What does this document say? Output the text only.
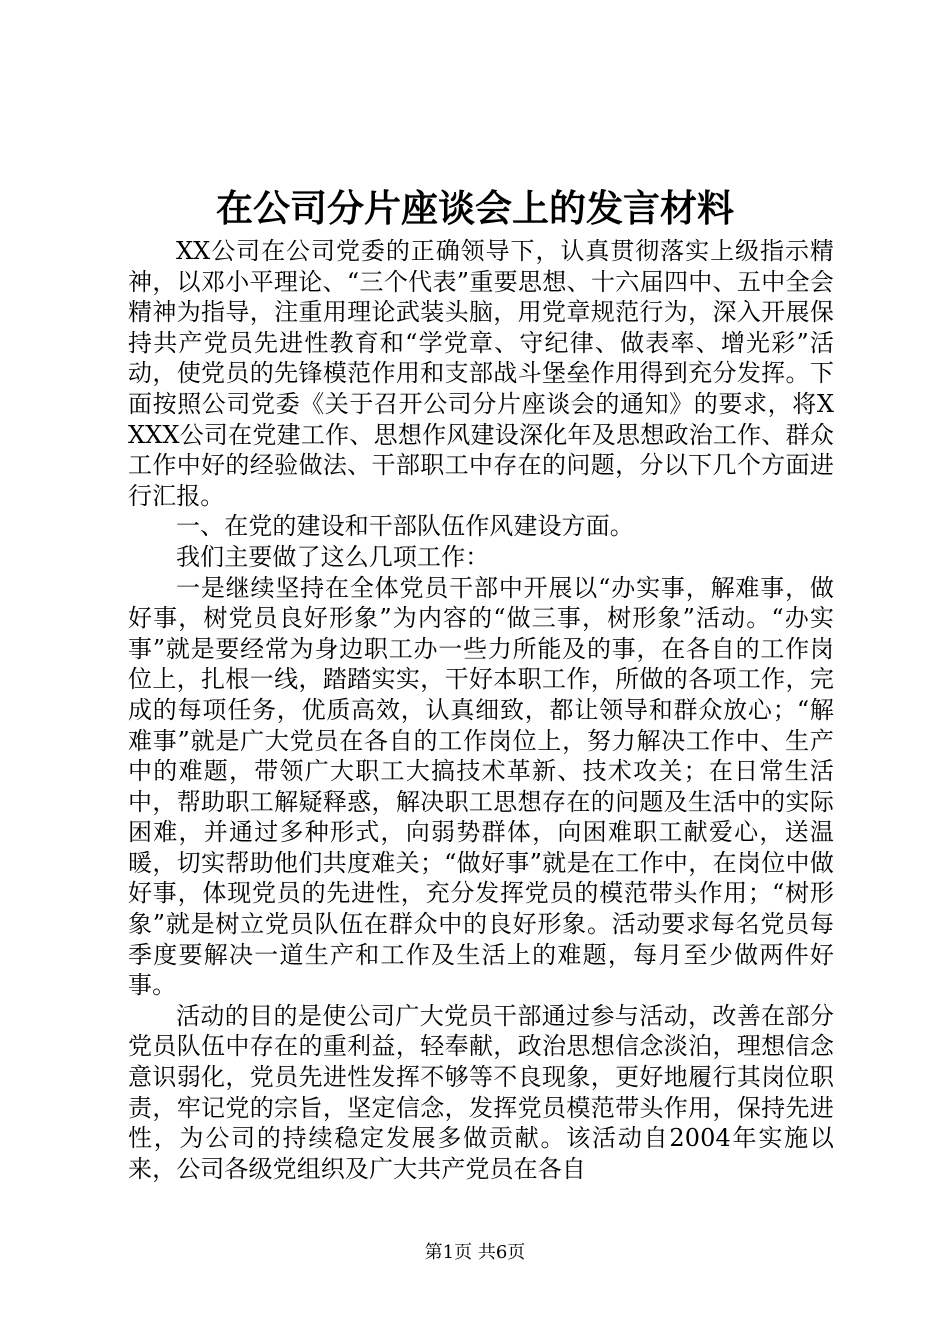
在公司分片座谈会上的发言材料

XX公司在公司党委的正确领导下，认真贯彻落实上级指示精神，以邓小平理论、“三个代表”重要思想、十六届四中、五中全会精神为指导，注重用理论武装头脑，用党章规范行为，深入开展保持共产党员先进性教育和“学党章、守纪律、做表率、增光彩”活动，使党员的先锋模范作用和支部战斗堡垒作用得到充分发挥。下面按照公司党委《关于召开公司分片座谈会的通知》的要求，将XXXX公司在党建工作、思想作风建设深化年及思想政治工作、群众工作中好的经验做法、干部职工中存在的问题，分以下几个方面进行汇报。

一、在党的建设和干部队伍作风建设方面。

我们主要做了这么几项工作：

一是继续坚持在全体党员干部中开展以“办实事，解难事，做好事，树党员良好形象”为内容的“做三事，树形象”活动。“办实事”就是要经常为身边职工办一些力所能及的事，在各自的工作岗位上，扎根一线，踏踏实实，干好本职工作，所做的各项工作，完成的每项任务，优质高效，认真细致，都让领导和群众放心；“解难事”就是广大党员在各自的工作岗位上，努力解决工作中、生产中的难题，带领广大职工大搞技术革新、技术攻关；在日常生活中，帮助职工解疑释惑，解决职工思想存在的问题及生活中的实际困难，并通过多种形式，向弱势群体，向困难职工献爱心，送温暖，切实帮助他们共度难关；“做好事”就是在工作中，在岗位中做好事，体现党员的先进性，充分发挥党员的模范带头作用；“树形象”就是树立党员队伍在群众中的良好形象。活动要求每名党员每季度要解决一道生产和工作及生活上的难题，每月至少做两件好事。

活动的目的是使公司广大党员干部通过参与活动，改善在部分党员队伍中存在的重利益，轻奉献，政治思想信念淡泊，理想信念意识弱化，党员先进性发挥不够等不良现象，更好地履行其岗位职责，牢记党的宗旨，坚定信念，发挥党员模范带头作用，保持先进性，为公司的持续稳定发展多做贡献。该活动自2004年实施以来，公司各级党组织及广大共产党员在各自

第1页 共6页
